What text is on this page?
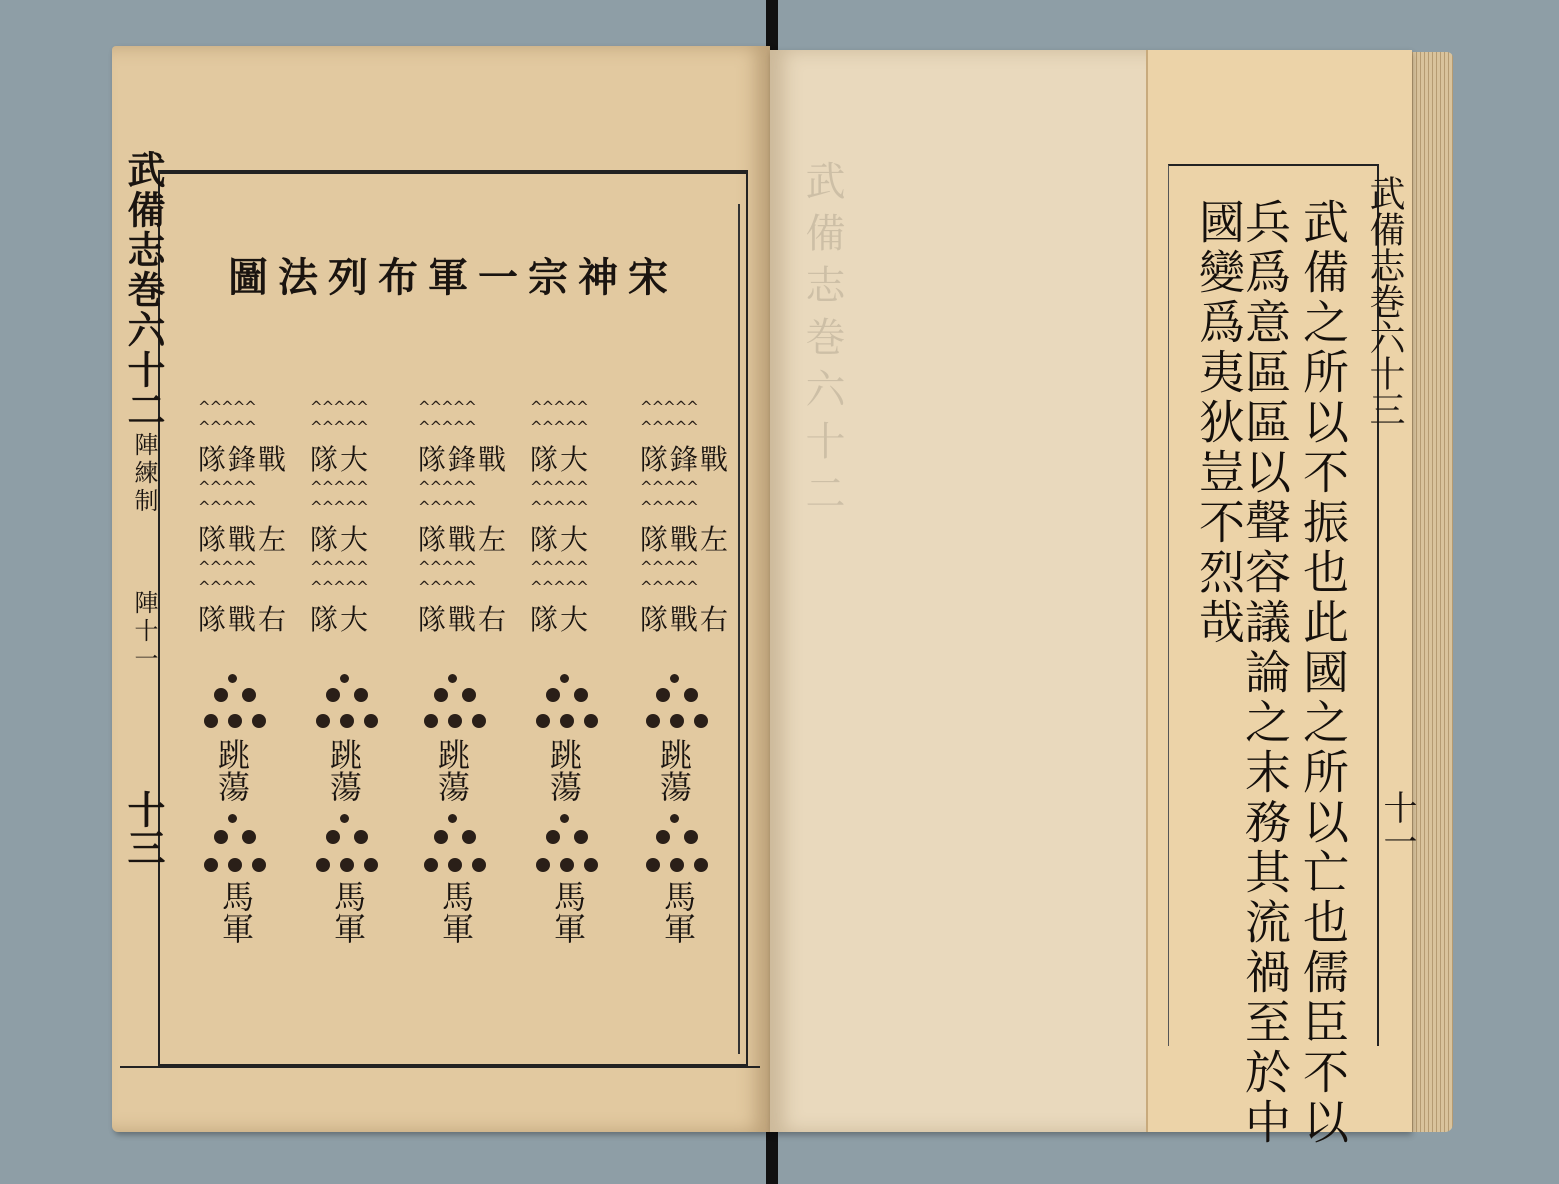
武備志巻六十二
武備志巻六十二
陣練制
陣十一
十三
宋神宗一軍布列法圖
^^^^^
^^^^^
戰鋒隊
^^^^^
^^^^^
左戰隊
^^^^^
^^^^^
右戰隊
跳蕩
馬軍
^^^^^
^^^^^
大隊
^^^^^
^^^^^
大隊
^^^^^
^^^^^
大隊
跳蕩
馬軍
^^^^^
^^^^^
戰鋒隊
^^^^^
^^^^^
左戰隊
^^^^^
^^^^^
右戰隊
跳蕩
馬軍
^^^^^
^^^^^
大隊
^^^^^
^^^^^
大隊
^^^^^
^^^^^
大隊
跳蕩
馬軍
^^^^^
^^^^^
戰鋒隊
^^^^^
^^^^^
左戰隊
^^^^^
^^^^^
右戰隊
跳蕩
馬軍	武備之所以不振也此國之所以亡也儒臣不以
兵爲意區區以聲容議論之末務其流禍至於中
國變爲夷狄豈不烈哉	武備志巻六十三
十一
